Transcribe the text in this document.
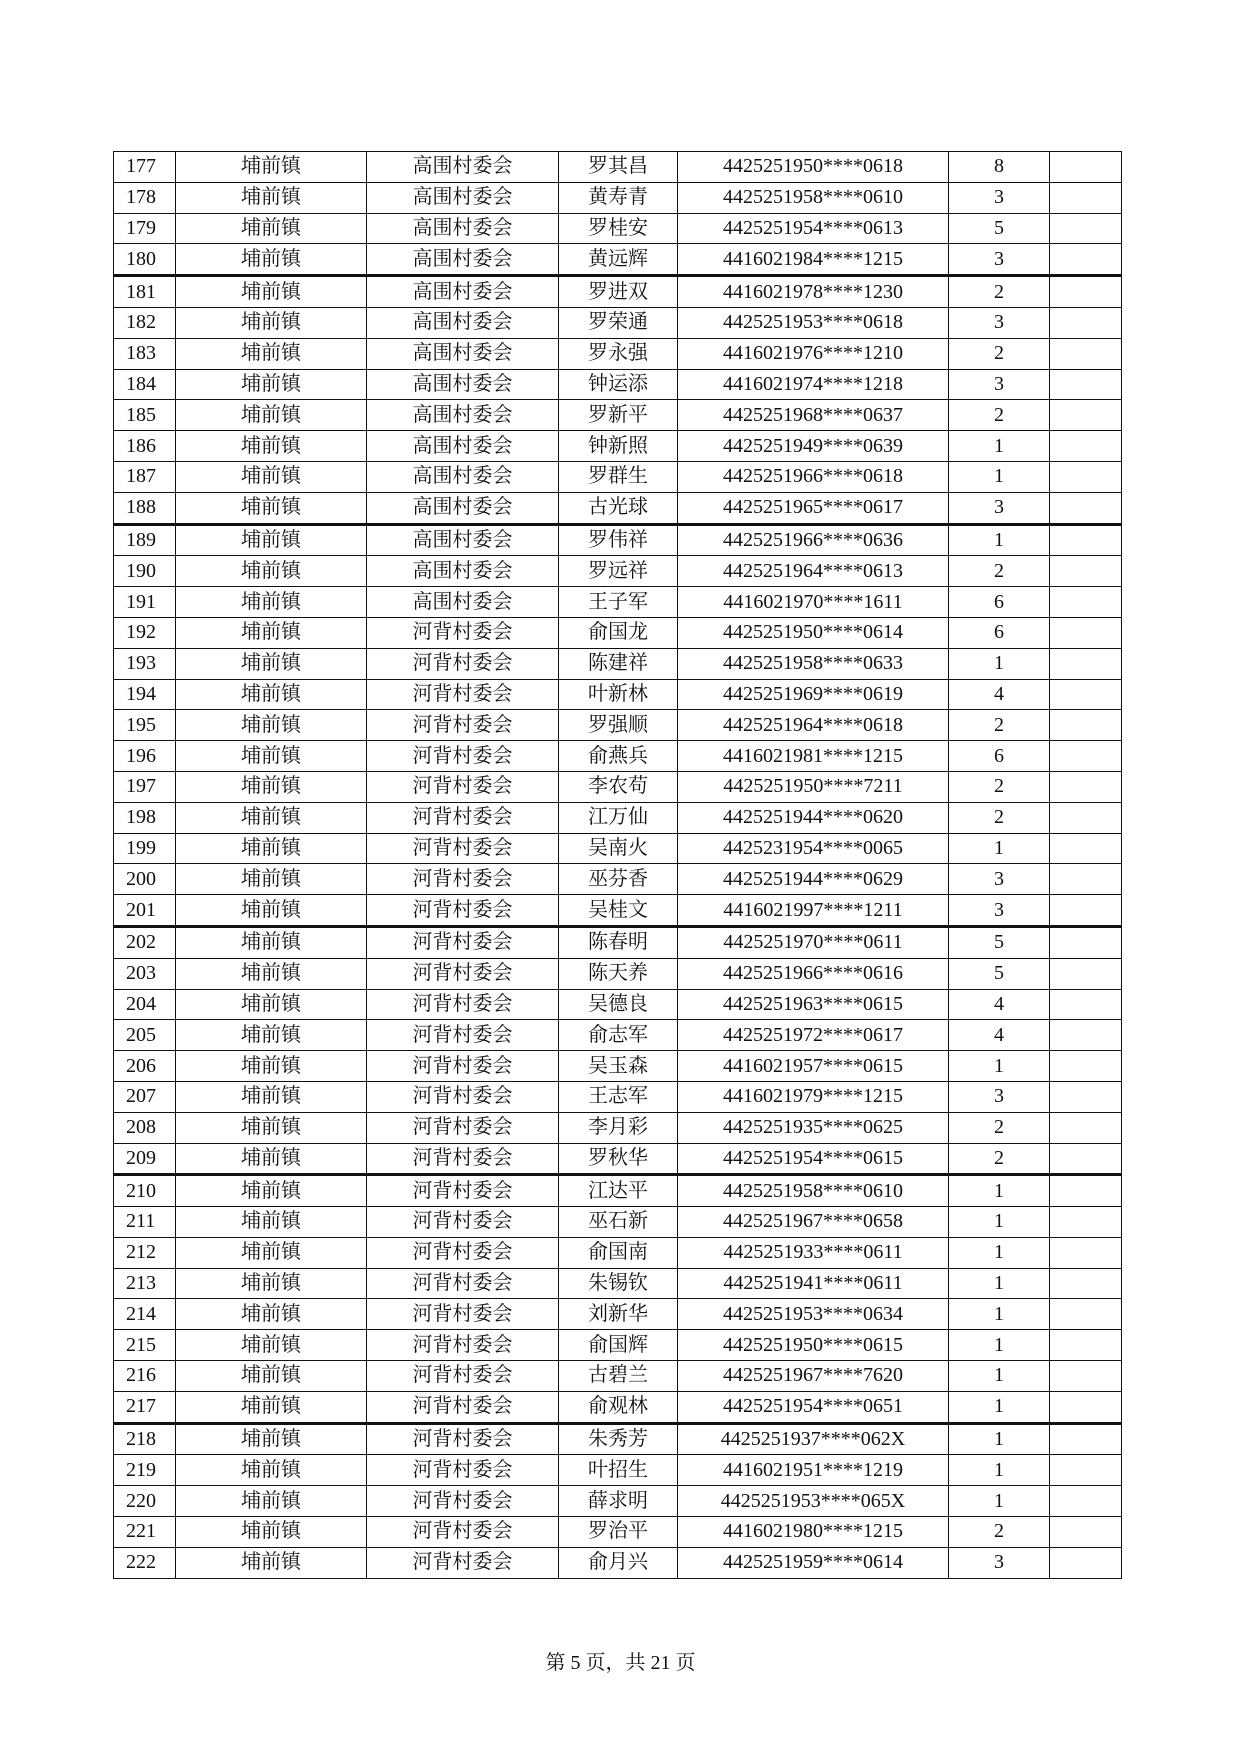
177	埔前镇	高围村委会	罗其昌	4425251950****0618	8	
178	埔前镇	高围村委会	黄寿青	4425251958****0610	3	
179	埔前镇	高围村委会	罗桂安	4425251954****0613	5	
180	埔前镇	高围村委会	黄远辉	4416021984****1215	3	
181	埔前镇	高围村委会	罗进双	4416021978****1230	2	
182	埔前镇	高围村委会	罗荣通	4425251953****0618	3	
183	埔前镇	高围村委会	罗永强	4416021976****1210	2	
184	埔前镇	高围村委会	钟运添	4416021974****1218	3	
185	埔前镇	高围村委会	罗新平	4425251968****0637	2	
186	埔前镇	高围村委会	钟新照	4425251949****0639	1	
187	埔前镇	高围村委会	罗群生	4425251966****0618	1	
188	埔前镇	高围村委会	古光球	4425251965****0617	3	
189	埔前镇	高围村委会	罗伟祥	4425251966****0636	1	
190	埔前镇	高围村委会	罗远祥	4425251964****0613	2	
191	埔前镇	高围村委会	王子军	4416021970****1611	6	
192	埔前镇	河背村委会	俞国龙	4425251950****0614	6	
193	埔前镇	河背村委会	陈建祥	4425251958****0633	1	
194	埔前镇	河背村委会	叶新林	4425251969****0619	4	
195	埔前镇	河背村委会	罗强顺	4425251964****0618	2	
196	埔前镇	河背村委会	俞燕兵	4416021981****1215	6	
197	埔前镇	河背村委会	李农苟	4425251950****7211	2	
198	埔前镇	河背村委会	江万仙	4425251944****0620	2	
199	埔前镇	河背村委会	吴南火	4425231954****0065	1	
200	埔前镇	河背村委会	巫芬香	4425251944****0629	3	
201	埔前镇	河背村委会	吴桂文	4416021997****1211	3	
202	埔前镇	河背村委会	陈春明	4425251970****0611	5	
203	埔前镇	河背村委会	陈天养	4425251966****0616	5	
204	埔前镇	河背村委会	吴德良	4425251963****0615	4	
205	埔前镇	河背村委会	俞志军	4425251972****0617	4	
206	埔前镇	河背村委会	吴玉森	4416021957****0615	1	
207	埔前镇	河背村委会	王志军	4416021979****1215	3	
208	埔前镇	河背村委会	李月彩	4425251935****0625	2	
209	埔前镇	河背村委会	罗秋华	4425251954****0615	2	
210	埔前镇	河背村委会	江达平	4425251958****0610	1	
211	埔前镇	河背村委会	巫石新	4425251967****0658	1	
212	埔前镇	河背村委会	俞国南	4425251933****0611	1	
213	埔前镇	河背村委会	朱锡钦	4425251941****0611	1	
214	埔前镇	河背村委会	刘新华	4425251953****0634	1	
215	埔前镇	河背村委会	俞国辉	4425251950****0615	1	
216	埔前镇	河背村委会	古碧兰	4425251967****7620	1	
217	埔前镇	河背村委会	俞观林	4425251954****0651	1	
218	埔前镇	河背村委会	朱秀芳	4425251937****062X	1	
219	埔前镇	河背村委会	叶招生	4416021951****1219	1	
220	埔前镇	河背村委会	薛求明	4425251953****065X	1	
221	埔前镇	河背村委会	罗治平	4416021980****1215	2	
222	埔前镇	河背村委会	俞月兴	4425251959****0614	3	
第 5 页，共 21 页
